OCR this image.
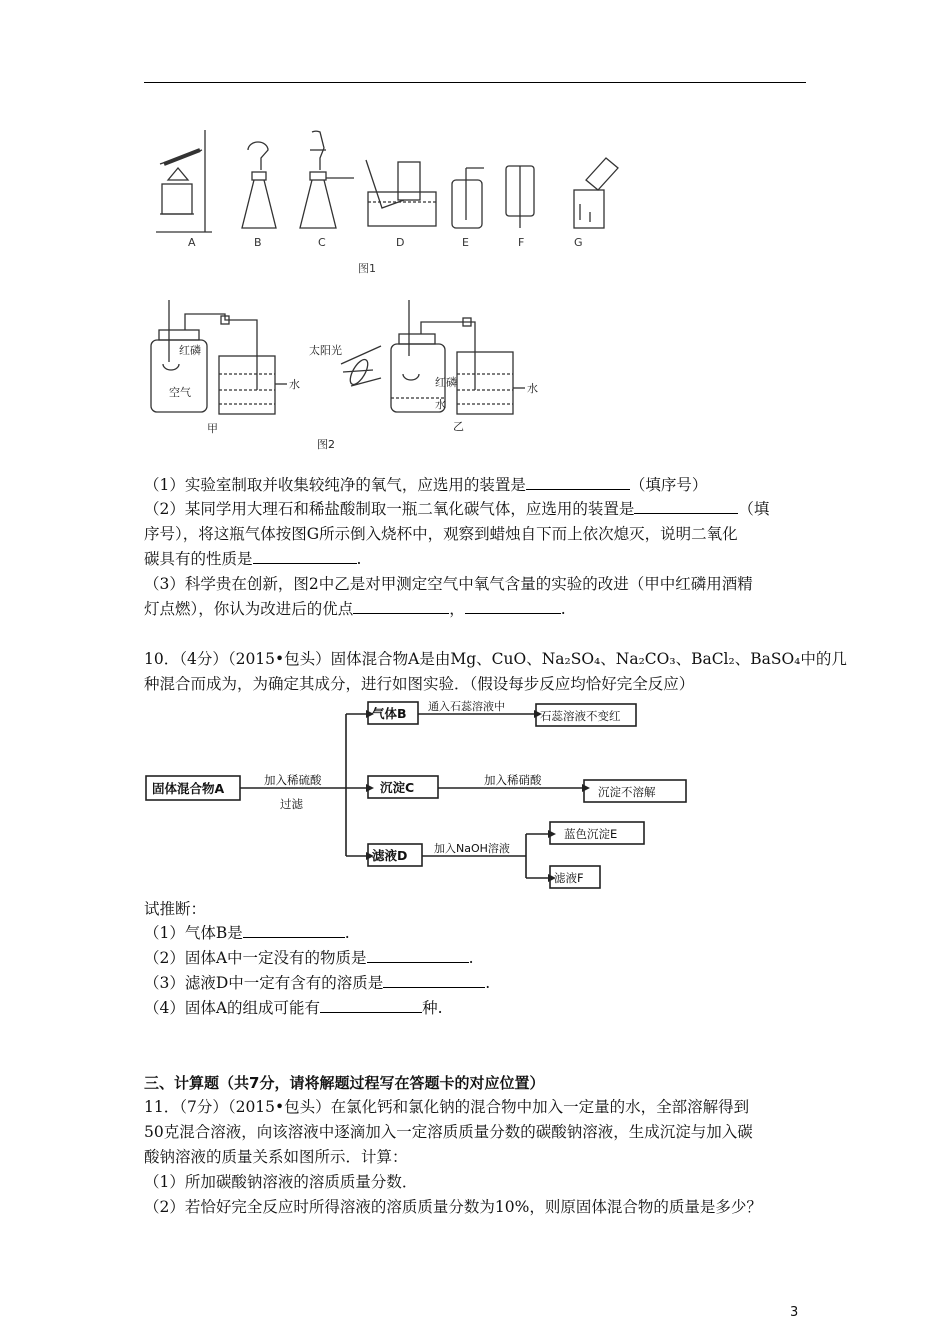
A	B	C	D	E	F	G
图1
红磷
空气
水
甲
太阳光
红磷
水
水
乙
图2
（1）实验室制取并收集较纯净的氧气，应选用的装置是	（填序号）
（2）某同学用大理石和稀盐酸制取一瓶二氧化碳气体，应选用的装置是	（填
序号），将这瓶气体按图G所示倒入烧杯中，观察到蜡烛自下而上依次熄灭，说明二氧化
碳具有的性质是	.
（3）科学贵在创新，图2中乙是对甲测定空气中氧气含量的实验的改进（甲中红磷用酒精
灯点燃），你认为改进后的优点	，	.
10．（4分）（2015•包头）固体混合物A是由Mg、CuO、Na₂SO₄、Na₂CO₃、BaCl₂、BaSO₄中的几
种混合而成为，为确定其成分，进行如图实验．（假设每步反应均恰好完全反应）
固体混合物A
加入稀硫酸
过滤
气体B 通入石蕊溶液中
石蕊溶液不变红
沉淀C	加入稀硝酸
沉淀不溶解
滤液D 加入NaOH溶液
蓝色沉淀E
滤液F
试推断：
（1）气体B是	.
（2）固体A中一定没有的物质是	.
（3）滤液D中一定有含有的溶质是	.
（4）固体A的组成可能有	种.
三、计算题（共7分，请将解题过程写在答题卡的对应位置）
11．（7分）（2015•包头）在氯化钙和氯化钠的混合物中加入一定量的水，全部溶解得到
50克混合溶液，向该溶液中逐滴加入一定溶质质量分数的碳酸钠溶液，生成沉淀与加入碳
酸钠溶液的质量关系如图所示．计算：
（1）所加碳酸钠溶液的溶质质量分数．
（2）若恰好完全反应时所得溶液的溶质质量分数为10%，则原固体混合物的质量是多少？
3
